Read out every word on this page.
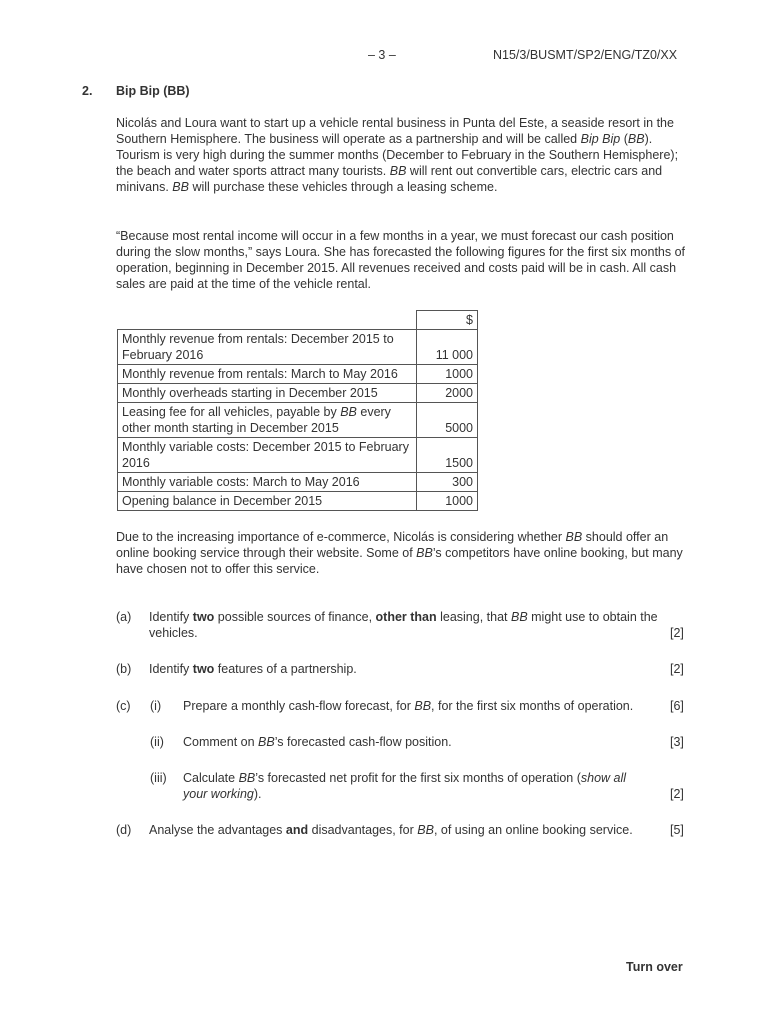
– 3 –	N15/3/BUSMT/SP2/ENG/TZ0/XX
2. Bip Bip (BB)

Nicolás and Loura want to start up a vehicle rental business in Punta del Este, a seaside resort in the Southern Hemisphere. The business will operate as a partnership and will be called Bip Bip (BB). Tourism is very high during the summer months (December to February in the Southern Hemisphere); the beach and water sports attract many tourists. BB will rent out convertible cars, electric cars and minivans. BB will purchase these vehicles through a leasing scheme.

“Because most rental income will occur in a few months in a year, we must forecast our cash position during the slow months,” says Loura. She has forecasted the following figures for the first six months of operation, beginning in December 2015. All revenues received and costs paid will be in cash. All cash sales are paid at the time of the vehicle rental.

	$
Monthly revenue from rentals: December 2015 to February 2016	11 000
Monthly revenue from rentals: March to May 2016	1000
Monthly overheads starting in December 2015	2000
Leasing fee for all vehicles, payable by BB every other month starting in December 2015	5000
Monthly variable costs: December 2015 to February 2016	1500
Monthly variable costs: March to May 2016	300
Opening balance in December 2015	1000

Due to the increasing importance of e-commerce, Nicolás is considering whether BB should offer an online booking service through their website. Some of BB’s competitors have online booking, but many have chosen not to offer this service.

(a) Identify two possible sources of finance, other than leasing, that BB might use to obtain the vehicles.	[2]
(b) Identify two features of a partnership.	[2]
(c) (i) Prepare a monthly cash-flow forecast, for BB, for the first six months of operation.	[6]
(ii) Comment on BB’s forecasted cash-flow position.	[3]
(iii) Calculate BB’s forecasted net profit for the first six months of operation (show all your working).	[2]
(d) Analyse the advantages and disadvantages, for BB, of using an online booking service.	[5]
Turn over
